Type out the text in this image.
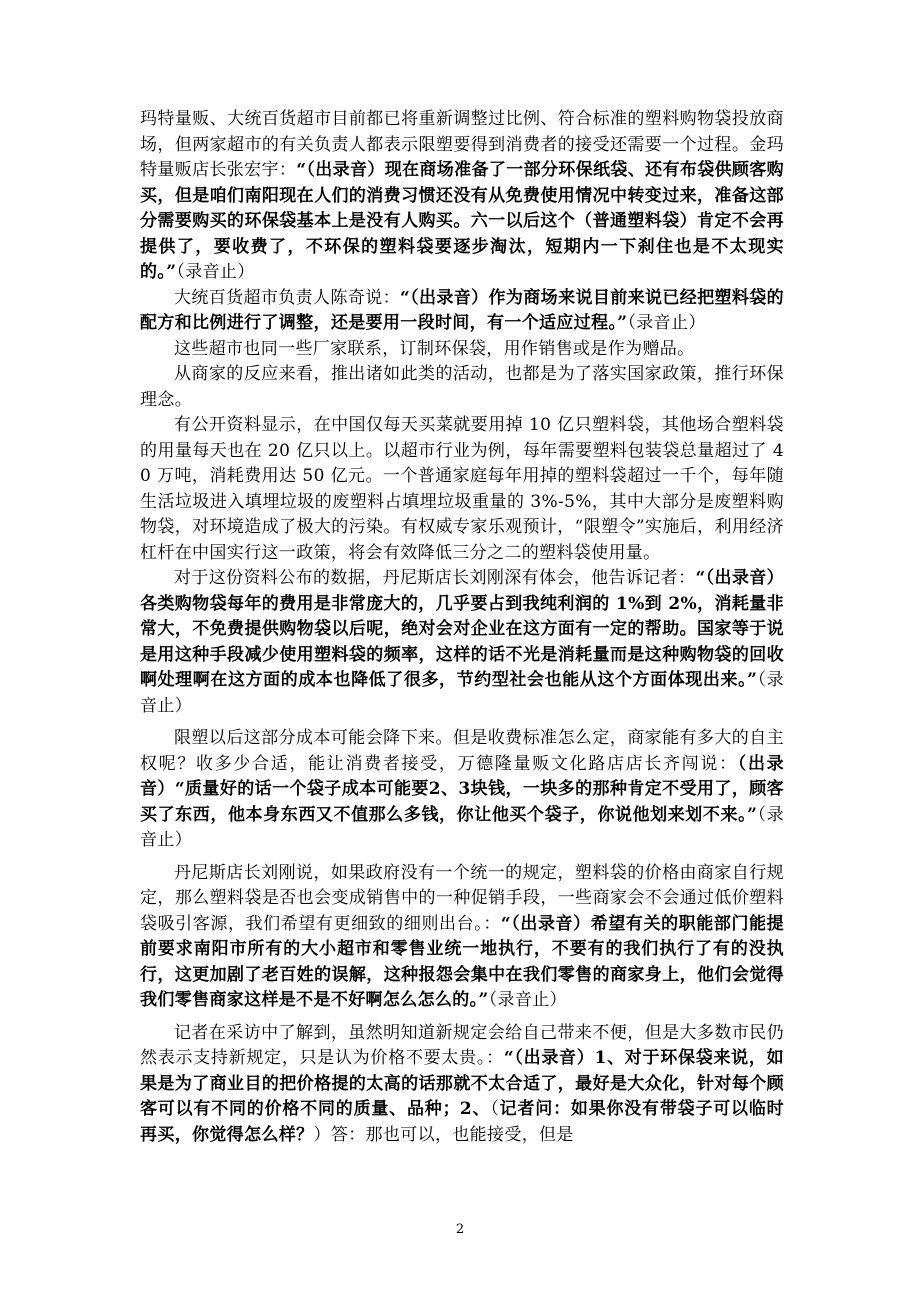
玛特量贩、大统百货超市目前都已将重新调整过比例、符合标准的塑料购物袋投放商场，但两家超市的有关负责人都表示限塑要得到消费者的接受还需要一个过程。金玛特量贩店长张宏宇：“（出录音）现在商场准备了一部分环保纸袋、还有布袋供顾客购买，但是咱们南阳现在人们的消费习惯还没有从免费使用情况中转变过来，准备这部分需要购买的环保袋基本上是没有人购买。六一以后这个（普通塑料袋）肯定不会再提供了，要收费了，不环保的塑料袋要逐步淘汰，短期内一下刹住也是不太现实的。”（录音止）

大统百货超市负责人陈奇说：“（出录音）作为商场来说目前来说已经把塑料袋的配方和比例进行了调整，还是要用一段时间，有一个适应过程。”（录音止）

这些超市也同一些厂家联系，订制环保袋，用作销售或是作为赠品。

从商家的反应来看，推出诸如此类的活动，也都是为了落实国家政策，推行环保理念。

有公开资料显示，在中国仅每天买菜就要用掉 10 亿只塑料袋，其他场合塑料袋的用量每天也在 20 亿只以上。以超市行业为例，每年需要塑料包装袋总量超过了 40 万吨，消耗费用达 50 亿元。一个普通家庭每年用掉的塑料袋超过一千个，每年随生活垃圾进入填埋垃圾的废塑料占填埋垃圾重量的 3%-5%，其中大部分是废塑料购物袋，对环境造成了极大的污染。有权威专家乐观预计，“限塑令”实施后，利用经济杠杆在中国实行这一政策，将会有效降低三分之二的塑料袋使用量。

对于这份资料公布的数据，丹尼斯店长刘刚深有体会，他告诉记者：“（出录音）各类购物袋每年的费用是非常庞大的，几乎要占到我纯利润的 1%到 2%，消耗量非常大，不免费提供购物袋以后呢，绝对会对企业在这方面有一定的帮助。国家等于说是用这种手段减少使用塑料袋的频率，这样的话不光是消耗量而是这种购物袋的回收啊处理啊在这方面的成本也降低了很多，节约型社会也能从这个方面体现出来。”（录音止）

限塑以后这部分成本可能会降下来。但是收费标准怎么定，商家能有多大的自主权呢？收多少合适，能让消费者接受，万德隆量贩文化路店店长齐闯说：（出录音）“质量好的话一个袋子成本可能要2、3块钱，一块多的那种肯定不受用了，顾客买了东西，他本身东西又不值那么多钱，你让他买个袋子，你说他划来划不来。”（录音止）

丹尼斯店长刘刚说，如果政府没有一个统一的规定，塑料袋的价格由商家自行规定，那么塑料袋是否也会变成销售中的一种促销手段，一些商家会不会通过低价塑料袋吸引客源，我们希望有更细致的细则出台。：“（出录音）希望有关的职能部门能提前要求南阳市所有的大小超市和零售业统一地执行，不要有的我们执行了有的没执行，这更加剧了老百姓的误解，这种报怨会集中在我们零售的商家身上，他们会觉得我们零售商家这样是不是不好啊怎么怎么的。”（录音止）

记者在采访中了解到，虽然明知道新规定会给自己带来不便，但是大多数市民仍然表示支持新规定，只是认为价格不要太贵。：“（出录音）1、对于环保袋来说，如果是为了商业目的把价格提的太高的话那就不太合适了，最好是大众化，针对每个顾客可以有不同的价格不同的质量、品种；2、（记者问：如果你没有带袋子可以临时再买，你觉得怎么样？）答：那也可以，也能接受，但是

2
